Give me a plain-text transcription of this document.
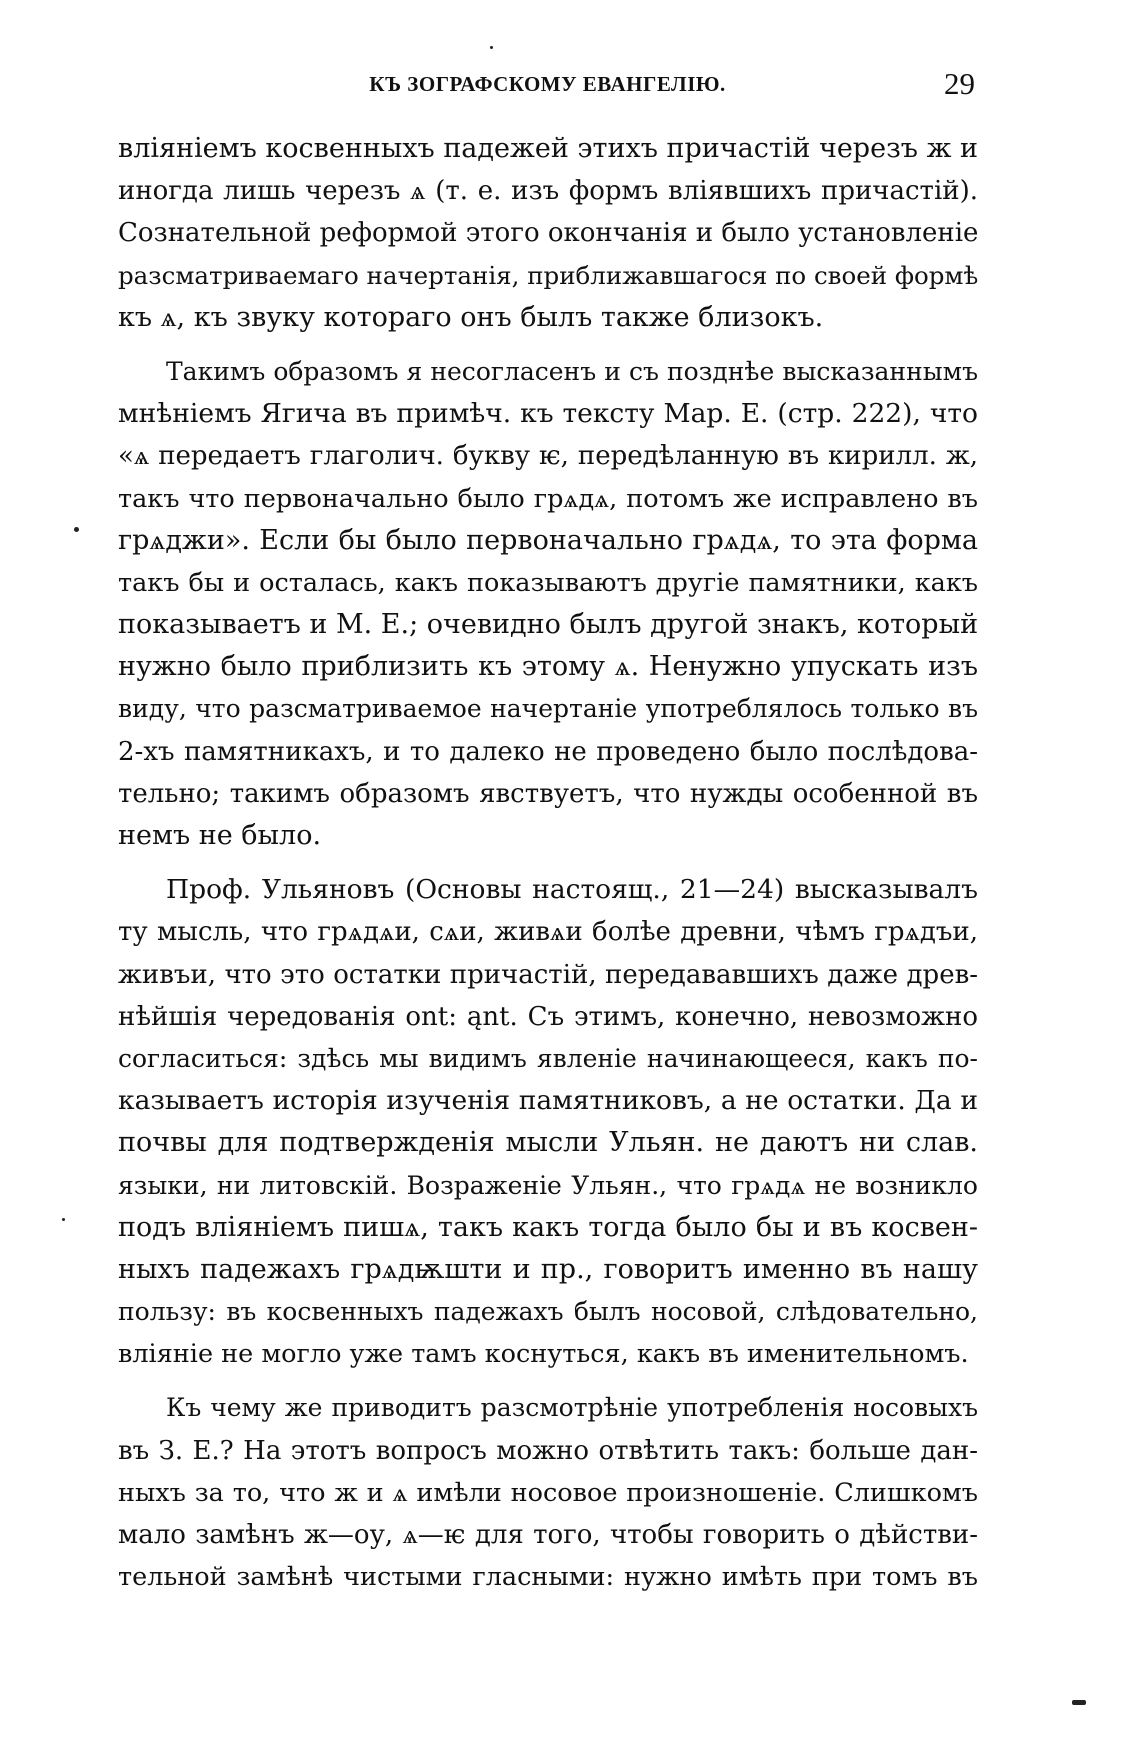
КЪ ЗОГРАФСКОМУ ЕВАНГЕЛІЮ.	29
вліяніемъ косвенныхъ падежей этихъ причастій черезъ ж и
иногда лишь черезъ ѧ (т. е. изъ формъ вліявшихъ причастій).
Сознательной реформой этого окончанія и было установленіе
разсматриваемаго начертанія, приближавшагося по своей формѣ
къ ѧ, къ звуку котораго онъ былъ также близокъ.
Такимъ образомъ я несогласенъ и съ позднѣе высказаннымъ
мнѣніемъ Ягича въ примѣч. къ тексту Мар. Е. (стр. 222), что
«ѧ передаетъ глаголич. букву ѥ, передѣланную въ кирилл. ж,
такъ что первоначально было грѧдѧ, потомъ же исправлено въ
грѧджи». Если бы было первоначально грѧдѧ, то эта форма
такъ бы и осталась, какъ показываютъ другіе памятники, какъ
показываетъ и М. Е.; очевидно былъ другой знакъ, который
нужно было приблизить къ этому ѧ. Ненужно упускать изъ
виду, что разсматриваемое начертаніе употреблялось только въ
2-хъ памятникахъ, и то далеко не проведено было послѣдова-
тельно; такимъ образомъ явствуетъ, что нужды особенной въ
немъ не было.
Проф. Ульяновъ (Основы настоящ., 21—24) высказывалъ
ту мысль, что грѧдѧи, сѧи, живѧи болѣе древни, чѣмъ грѧдъи,
живъи, что это остатки причастій, передававшихъ даже древ-
нѣйшія чередованія ont: ąnt. Съ этимъ, конечно, невозможно
согласиться: здѣсь мы видимъ явленіе начинающееся, какъ по-
казываетъ исторія изученія памятниковъ, а не остатки. Да и
почвы для подтвержденія мысли Ульян. не даютъ ни слав.
языки, ни литовскій. Возраженіе Ульян., что грѧдѧ не возникло
подъ вліяніемъ пишѧ, такъ какъ тогда было бы и въ косвен-
ныхъ падежахъ грѧдѭшти и пр., говоритъ именно въ нашу
пользу: въ косвенныхъ падежахъ былъ носовой, слѣдовательно,
вліяніе не могло уже тамъ коснуться, какъ въ именительномъ.
Къ чему же приводитъ разсмотрѣніе употребленія носовыхъ
въ З. Е.? На этотъ вопросъ можно отвѣтить такъ: больше дан-
ныхъ за то, что ж и ѧ имѣли носовое произношеніе. Слишкомъ
мало замѣнъ ж—оу, ѧ—ѥ для того, чтобы говорить о дѣйстви-
тельной замѣнѣ чистыми гласными: нужно имѣть при томъ въ
